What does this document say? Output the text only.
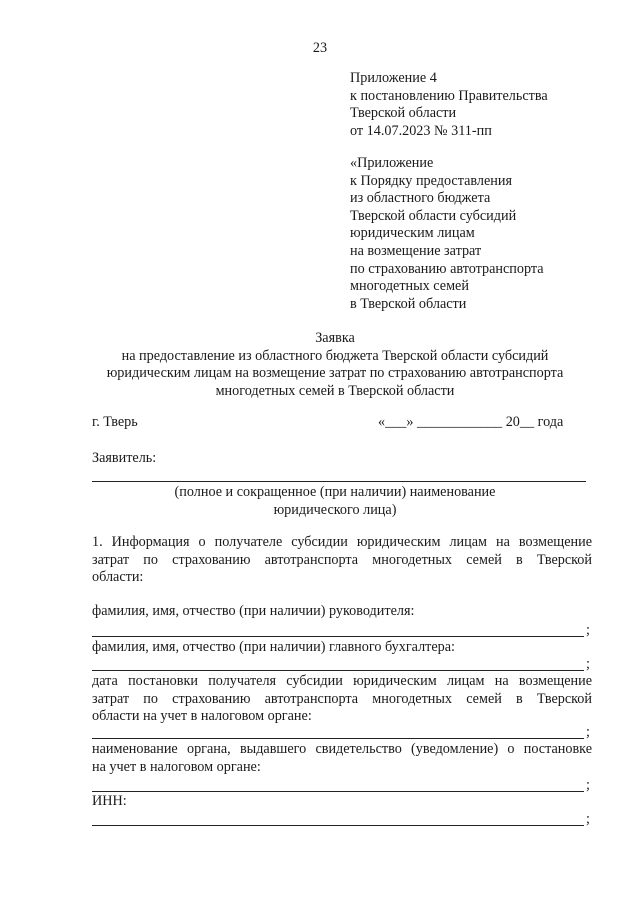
23
Приложение 4
к постановлению Правительства
Тверской области
от 14.07.2023 № 311-пп
«Приложение
к Порядку предоставления
из областного бюджета
Тверской области субсидий
юридическим лицам
на возмещение затрат
по страхованию автотранспорта
многодетных семей
в Тверской области
Заявка
на предоставление из областного бюджета Тверской области субсидий
юридическим лицам на возмещение затрат по страхованию автотранспорта
многодетных семей в Тверской области
г. Тверь	«___» ____________ 20__ года
Заявитель:
(полное и сокращенное (при наличии) наименование
юридического лица)
1. Информация о получателе субсидии юридическим лицам на возмещение
затрат по страхованию автотранспорта многодетных семей в Тверской
области:
фамилия, имя, отчество (при наличии) руководителя:
;
фамилия, имя, отчество (при наличии) главного бухгалтера:
;
дата постановки получателя субсидии юридическим лицам на возмещение
затрат по страхованию автотранспорта многодетных семей в Тверской
области на учет в налоговом органе:
;
наименование органа, выдавшего свидетельство (уведомление) о постановке
на учет в налоговом органе:
;
ИНН:
;
